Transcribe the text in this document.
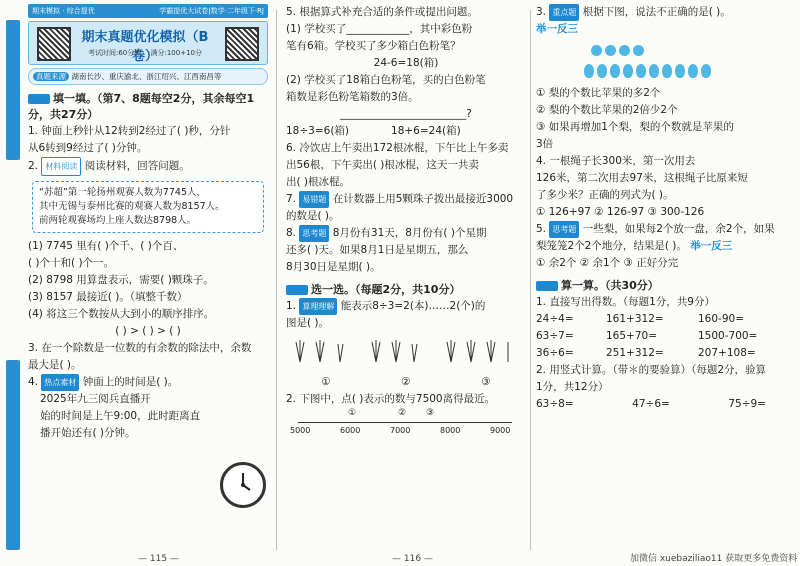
期末模拟 · 综合提优	学霸提优大试卷|数学·二年级下·RJ
期末真题优化模拟（B卷）
考试时间:60分钟　 满分:100+10分
真题来源 湖南长沙、重庆渝北、浙江绍兴、江西南昌等
填一填。（第7、8题每空2分，其余每空1分，共27分）

1. 钟面上秒针从12转到2经过了( )秒，分针

从6转到9经过了( )分钟。

2. 材料阅读 阅读材料，回答问题。

“苏超”第一轮扬州观赛人数为7745人，
其中无锡与泰州比赛的观赛人数为8157人。
前两轮观赛场均上座人数达8798人。

(1) 7745 里有( )个千、( )个百、

( )个十和( )个一。

(2) 8798 用算盘表示，需要( )颗珠子。

(3) 8157 最接近( )。（填整千数）

(4) 将这三个数按从大到小的顺序排序。

( ) > ( ) > ( )

3. 在一个除数是一位数的有余数的除法中，余数

最大是( )。

4. 热点素材 钟面上的时间是( )。

2025年九三阅兵直播开

始的时间是上午9:00，此时距离直

播开始还有( )分钟。

— 115 —

5. 根据算式补充合适的条件或提出问题。

(1) 学校买了____________，其中彩色粉

笔有6箱。学校买了多少箱白色粉笔？

24-6=18(箱)

(2) 学校买了18箱白色粉笔，买的白色粉笔

箱数是彩色粉笔箱数的3倍。

________________________?

18÷3=6(箱)　　　　	18+6=24(箱)

6. 冷饮店上午卖出172根冰棍，下午比上午多卖

出56根，下午卖出( )根冰棍，这天一共卖

出( )根冰棍。

7. 易错题 在计数器上用5颗珠子拨出最接近3000

的数是( )。

8. 思考题 8月份有31天，8月份有( )个星期

还多( )天。如果8月1日是星期五，那么

8月30日是星期( )。

选一选。（每题2分，共10分）

1. 算理理解 能表示8÷3=2(本)……2(个)的

图是( )。

①	②	③

2. 下图中，点( )表示的数与7500离得最近。

①	② ③
5000	6000	7000	8000	9000
— 116 —

3. 重点题 根据下图，说法不正确的是( )。

举一反三

① 梨的个数比苹果的多2个

② 梨的个数比苹果的2倍少2个

③ 如果再增加1个梨，梨的个数就是苹果的

3倍

4. 一根绳子长300米，第一次用去

126米，第二次用去97米，这根绳子比原来短

了多少米？正确的列式为( )。

① 126+97 ② 126-97 ③ 300-126

5. 思考题 一些梨，如果每2个放一盘，余2个，如果

梨笼笼2个2个地分，结果是( )。 举一反三

① 余2个 ② 余1个 ③ 正好分完

算一算。（共30分）

1. 直接写出得数。（每题1分，共9分）

24÷4=	161+312=	160-90=
63÷7=	165+70=	1500-700=
36÷6=	251+312=	207+108=

2. 用竖式计算。（带＊的要验算）（每题2分，验算

1分，共12分）

63÷8=	47÷6=	75÷9=
加微信 xuebaziliao11 获取更多免费资料
